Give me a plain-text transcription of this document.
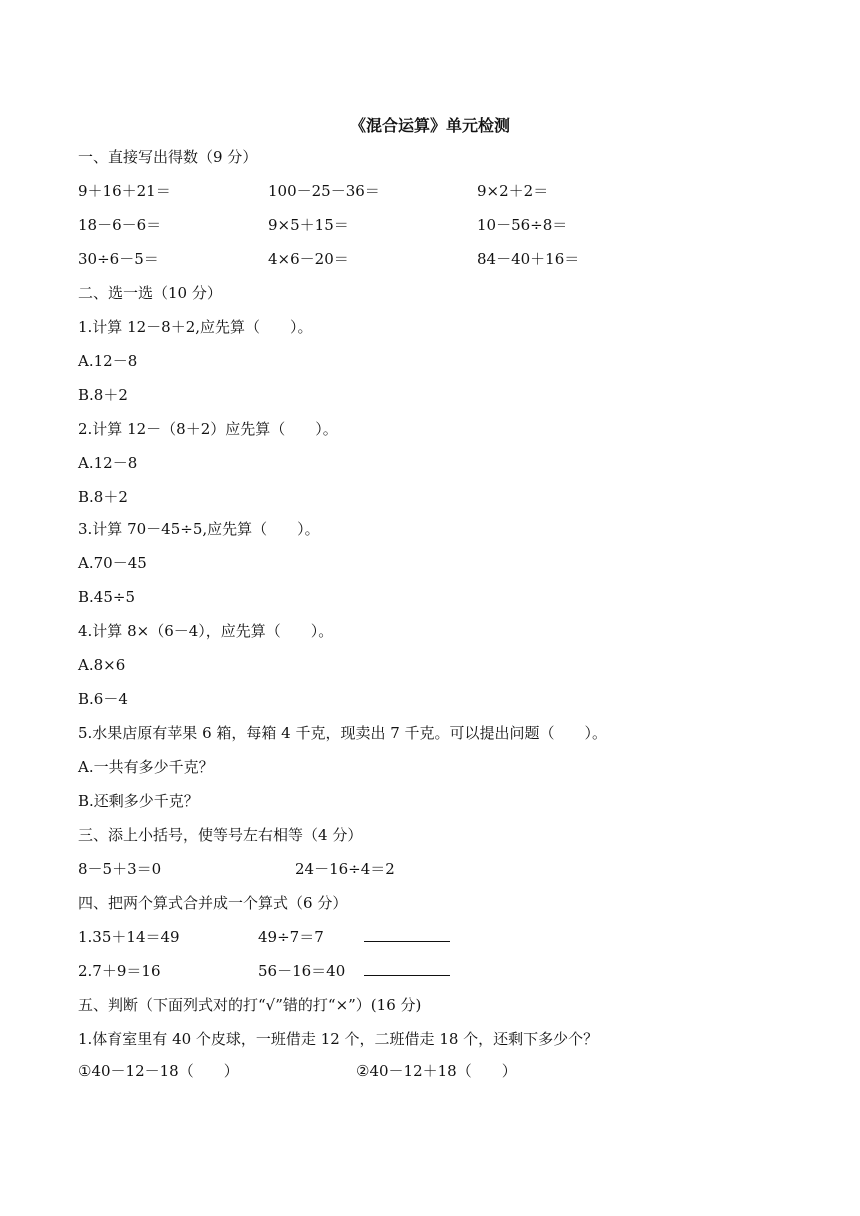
《混合运算》单元检测
一、直接写出得数（9 分）
9＋16＋21＝	100－25－36＝	9×2＋2＝
18－6－6＝	9×5＋15＝	10－56÷8＝
30÷6－5＝	4×6－20＝	84－40＋16＝
二、选一选（10 分）
1.计算 12－8＋2,应先算（　　）。
A.12－8
B.8＋2
2.计算 12－（8＋2）应先算（　　）。
A.12－8
B.8＋2
3.计算 70－45÷5,应先算（　　）。
A.70－45
B.45÷5
4.计算 8×（6－4），应先算（　　）。
A.8×6
B.6－4
5.水果店原有苹果 6 箱，每箱 4 千克，现卖出 7 千克。可以提出问题（　　）。
A.一共有多少千克？
B.还剩多少千克？
三、添上小括号，使等号左右相等（4 分）
8－5＋3＝0	24－16÷4＝2
四、把两个算式合并成一个算式（6 分）
1.35＋14＝49	49÷7＝7
2.7＋9＝16	56－16＝40
五、判断（下面列式对的打“√”错的打“×”）(16 分)
1.体育室里有 40 个皮球，一班借走 12 个，二班借走 18 个，还剩下多少个？
①40－12－18（　　）	②40－12＋18（　　）
